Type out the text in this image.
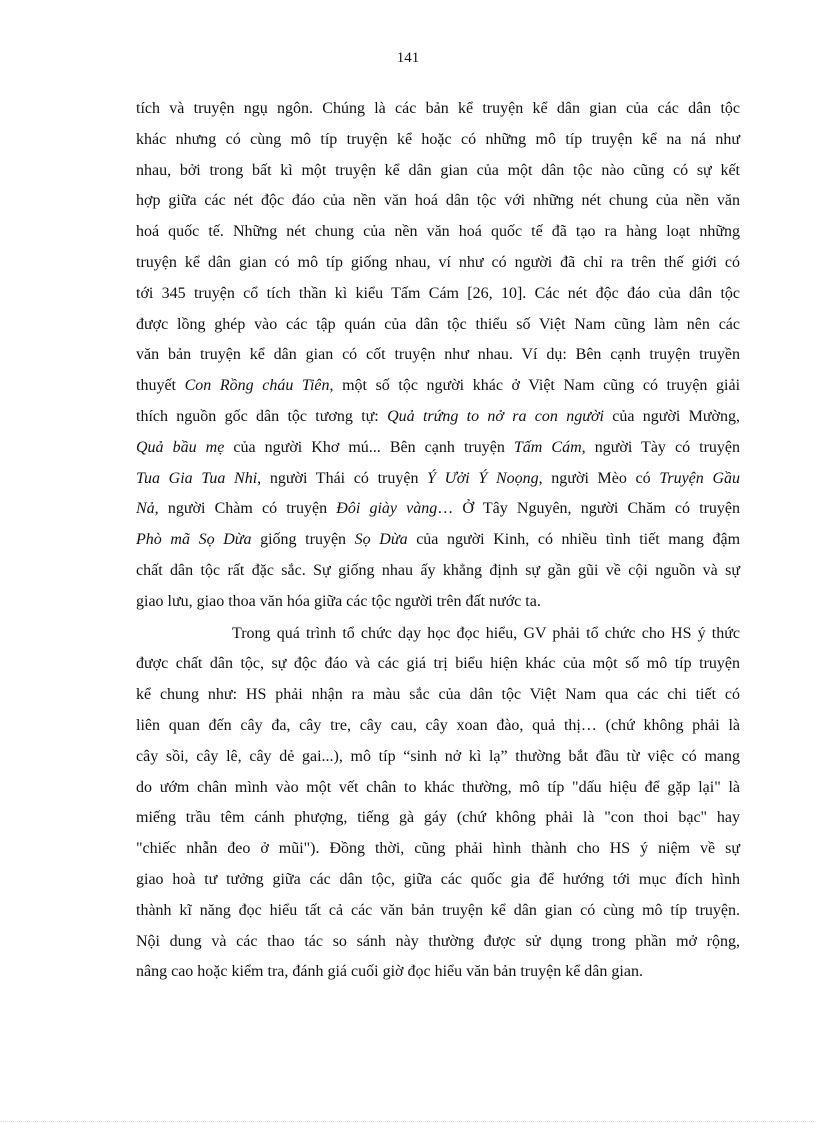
141
tích và truyện ngụ ngôn. Chúng là các bản kể truyện kể dân gian của các dân tộc
khác nhưng có cùng mô típ truyện kể hoặc có những mô típ truyện kể na ná như
nhau, bởi trong bất kì một truyện kể dân gian của một dân tộc nào cũng có sự kết
hợp giữa các nét độc đáo của nền văn hoá dân tộc với những nét chung của nền văn
hoá quốc tế. Những nét chung của nền văn hoá quốc tế đã tạo ra hàng loạt những
truyện kể dân gian có mô típ giống nhau, ví như có người đã chỉ ra trên thế giới có
tới 345 truyện cổ tích thần kì kiểu Tấm Cám [26, 10]. Các nét độc đáo của dân tộc
được lồng ghép vào các tập quán của dân tộc thiểu số Việt Nam cũng làm nên các
văn bản truyện kể dân gian có cốt truyện như nhau. Ví dụ: Bên cạnh truyện truyền
thuyết Con Rồng cháu Tiên, một số tộc người khác ở Việt Nam cũng có truyện giải
thích nguồn gốc dân tộc tương tự: Quả trứng to nở ra con người của người Mường,
Quả bầu mẹ của người Khơ mú... Bên cạnh truyện Tấm Cám, người Tày có truyện
Tua Gia Tua Nhi, người Thái có truyện Ý Ưởi Ý Noọng, người Mèo có Truyện Gầu
Nả, người Chàm có truyện Đôi giày vàng… Ở Tây Nguyên, người Chăm có truyện
Phò mã Sọ Dừa giống truyện Sọ Dừa của người Kinh, có nhiều tình tiết mang đậm
chất dân tộc rất đặc sắc. Sự giống nhau ấy khẳng định sự gần gũi về cội nguồn và sự
giao lưu, giao thoa văn hóa giữa các tộc người trên đất nước ta.
Trong quá trình tổ chức dạy học đọc hiểu, GV phải tổ chức cho HS ý thức
được chất dân tộc, sự độc đáo và các giá trị biểu hiện khác của một số mô típ truyện
kể chung như: HS phải nhận ra màu sắc của dân tộc Việt Nam qua các chi tiết có
liên quan đến cây đa, cây tre, cây cau, cây xoan đào, quả thị… (chứ không phải là
cây sồi, cây lê, cây dẻ gai...), mô típ “sinh nở kì lạ” thường bắt đầu từ việc có mang
do ướm chân mình vào một vết chân to khác thường, mô típ "dấu hiệu để gặp lại" là
miếng trầu têm cánh phượng, tiếng gà gáy (chứ không phải là "con thoi bạc" hay
"chiếc nhẫn đeo ở mũi"). Đồng thời, cũng phải hình thành cho HS ý niệm về sự
giao hoà tư tưởng giữa các dân tộc, giữa các quốc gia để hướng tới mục đích hình
thành kĩ năng đọc hiểu tất cả các văn bản truyện kể dân gian có cùng mô típ truyện.
Nội dung và các thao tác so sánh này thường được sử dụng trong phần mở rộng,
nâng cao hoặc kiểm tra, đánh giá cuối giờ đọc hiểu văn bản truyện kể dân gian.
